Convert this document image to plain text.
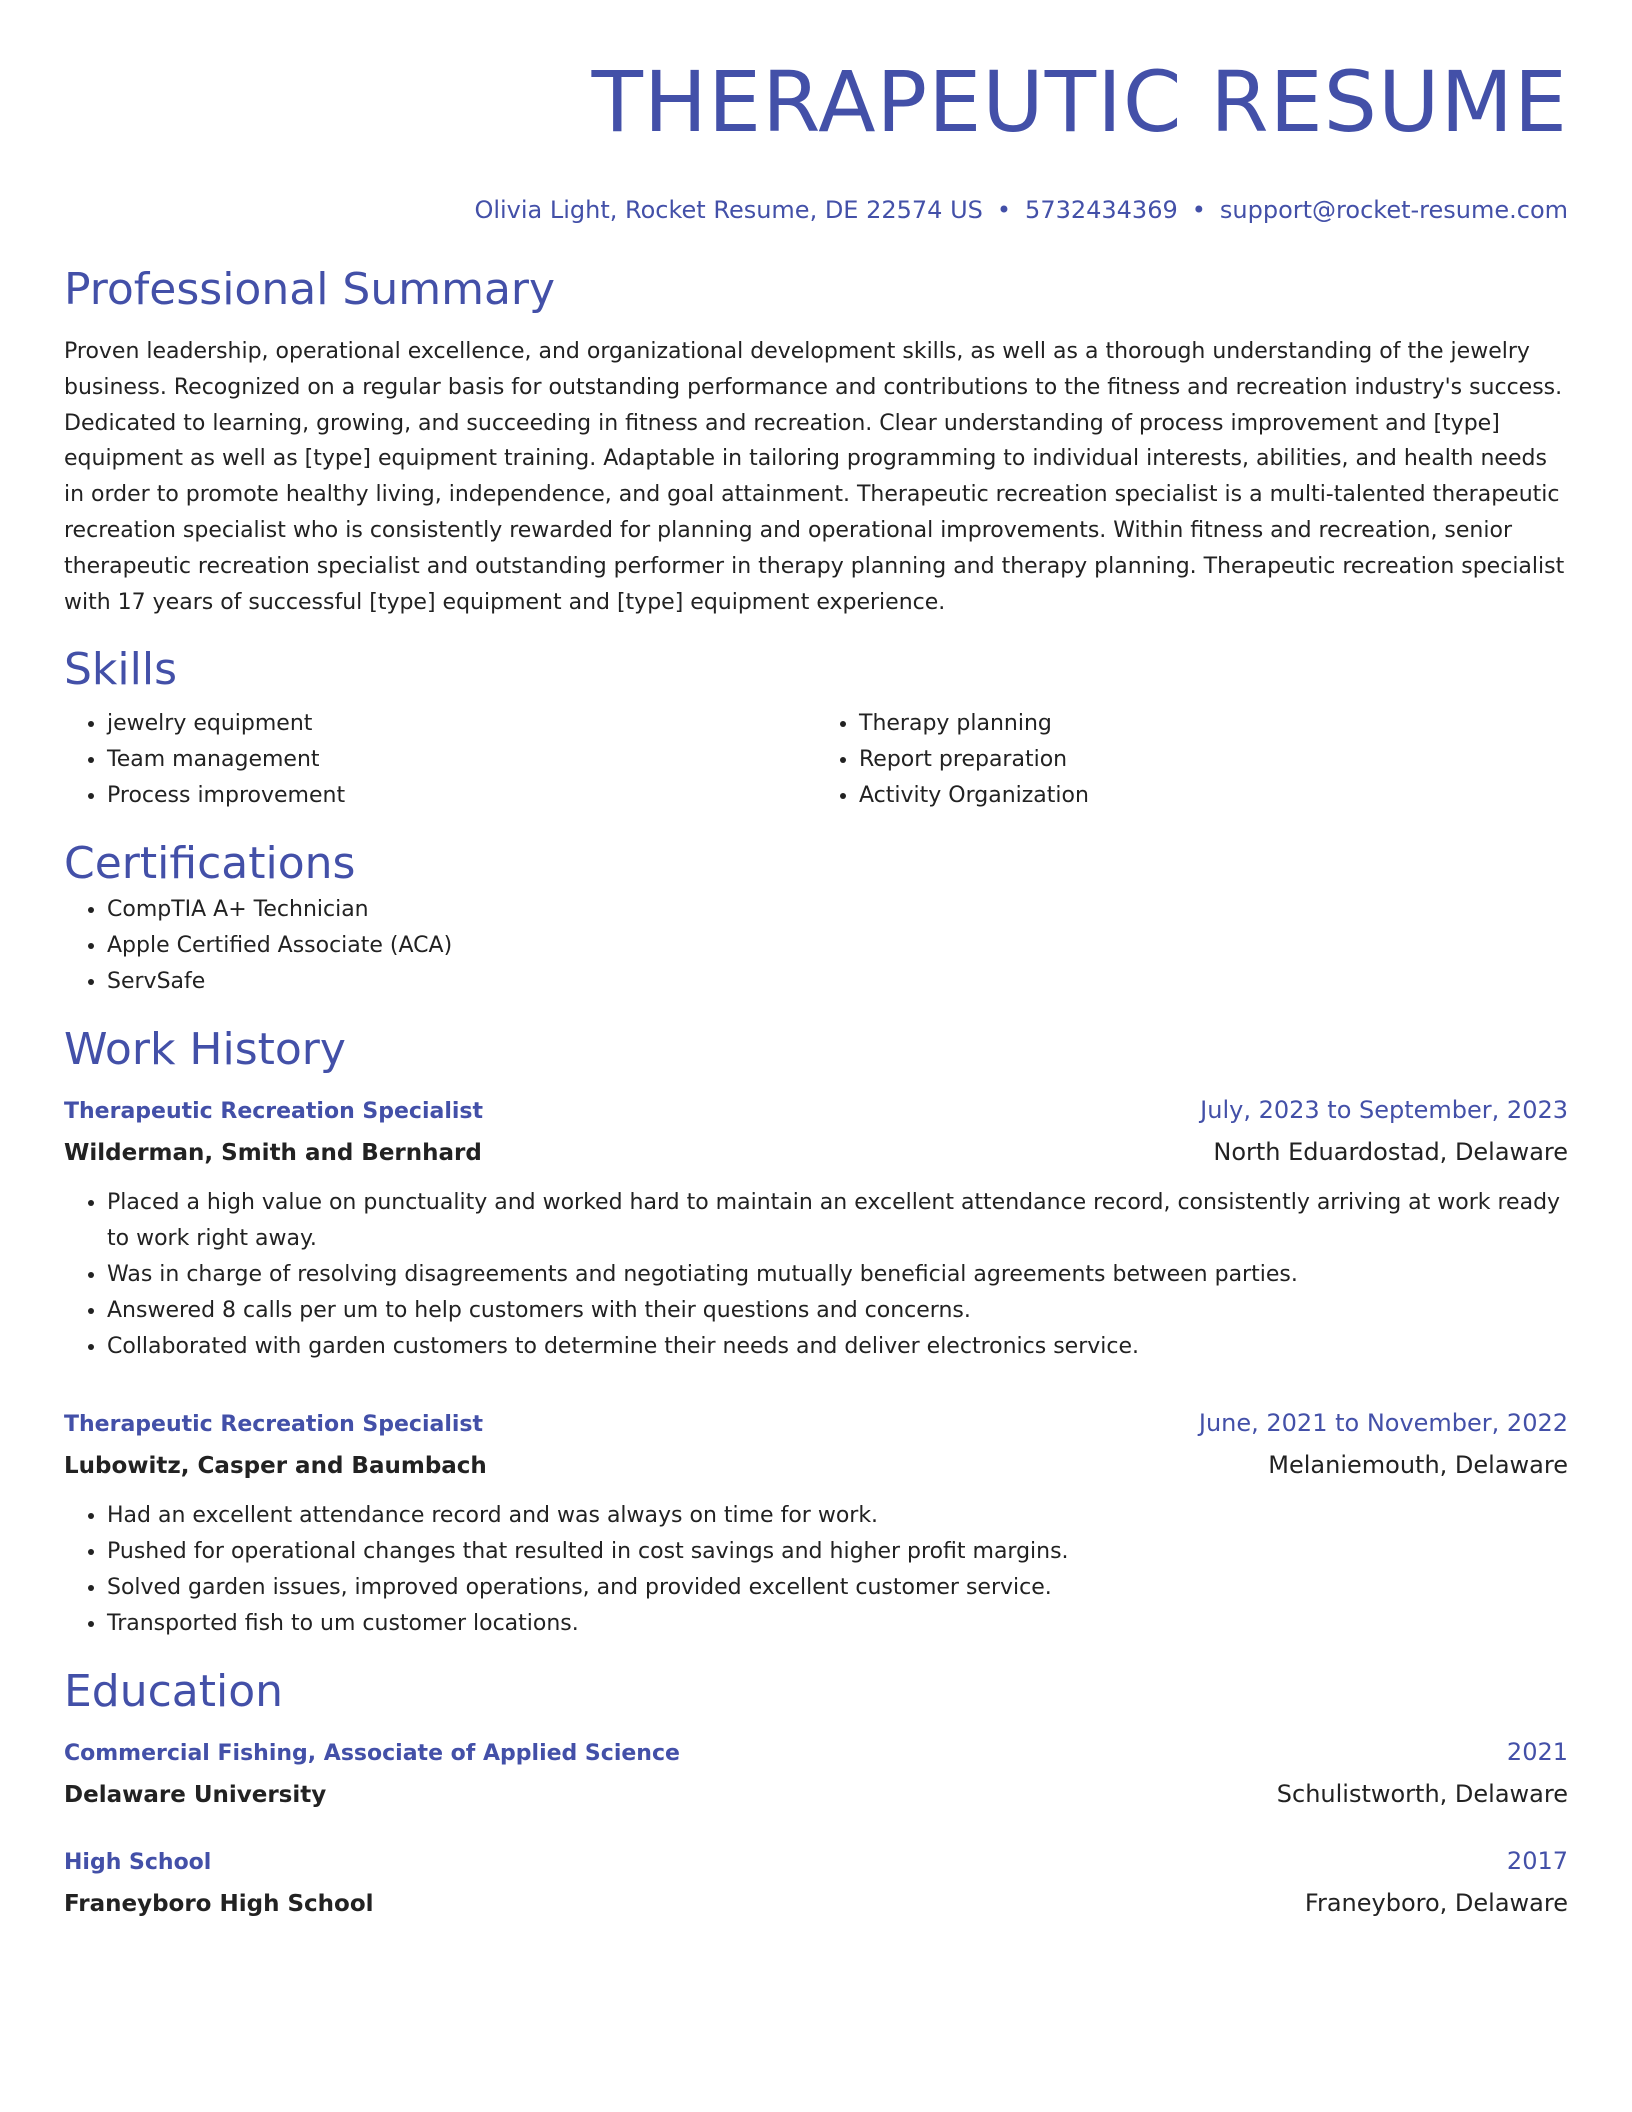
THERAPEUTIC RESUME
Olivia Light, Rocket Resume, DE 22574 US • 5732434369 • support@rocket-resume.com
Professional Summary
Proven leadership, operational excellence, and organizational development skills, as well as a thorough understanding of the jewelry business. Recognized on a regular basis for outstanding performance and contributions to the fitness and recreation industry's success. Dedicated to learning, growing, and succeeding in fitness and recreation. Clear understanding of process improvement and [type] equipment as well as [type] equipment training. Adaptable in tailoring programming to individual interests, abilities, and health needs in order to promote healthy living, independence, and goal attainment. Therapeutic recreation specialist is a multi-talented therapeutic recreation specialist who is consistently rewarded for planning and operational improvements. Within fitness and recreation, senior therapeutic recreation specialist and outstanding performer in therapy planning and therapy planning. Therapeutic recreation specialist with 17 years of successful [type] equipment and [type] equipment experience.
Skills
• jewelry equipment
• Team management
• Process improvement
• Therapy planning
• Report preparation
• Activity Organization
Certifications
• CompTIA A+ Technician
• Apple Certified Associate (ACA)
• ServSafe
Work History
Therapeutic Recreation Specialist	July, 2023 to September, 2023
Wilderman, Smith and Bernhard	North Eduardostad, Delaware
• Placed a high value on punctuality and worked hard to maintain an excellent attendance record, consistently arriving at work ready to work right away.
• Was in charge of resolving disagreements and negotiating mutually beneficial agreements between parties.
• Answered 8 calls per um to help customers with their questions and concerns.
• Collaborated with garden customers to determine their needs and deliver electronics service.
Therapeutic Recreation Specialist	June, 2021 to November, 2022
Lubowitz, Casper and Baumbach	Melaniemouth, Delaware
• Had an excellent attendance record and was always on time for work.
• Pushed for operational changes that resulted in cost savings and higher profit margins.
• Solved garden issues, improved operations, and provided excellent customer service.
• Transported fish to um customer locations.
Education
Commercial Fishing, Associate of Applied Science	2021
Delaware University	Schulistworth, Delaware
High School	2017
Franeyboro High School	Franeyboro, Delaware
